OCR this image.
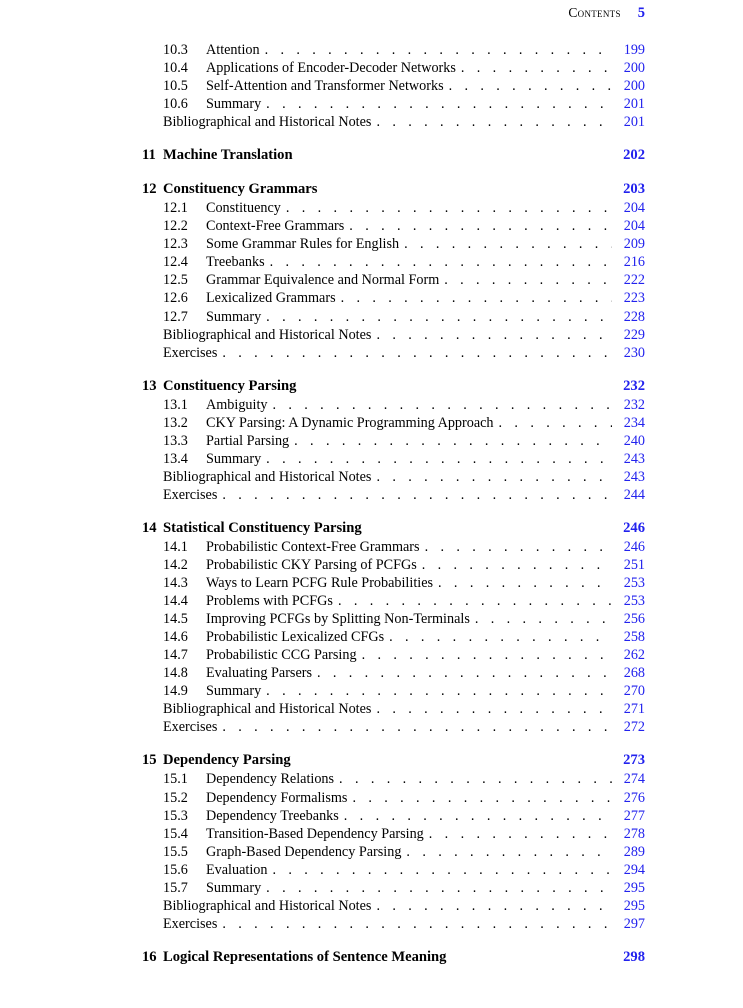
Contents 5
10.3	Attention . . .	199
10.4	Applications of Encoder-Decoder Networks . . .	200
10.5	Self-Attention and Transformer Networks . . .	200
10.6	Summary . . .	201
Bibliographical and Historical Notes . . .	201
11 Machine Translation	202
12 Constituency Grammars	203
12.1	Constituency . . .	204
12.2	Context-Free Grammars . . .	204
12.3	Some Grammar Rules for English . . .	209
12.4	Treebanks . . .	216
12.5	Grammar Equivalence and Normal Form . . .	222
12.6	Lexicalized Grammars . . .	223
12.7	Summary . . .	228
Bibliographical and Historical Notes . . .	229
Exercises . . .	230
13 Constituency Parsing	232
13.1	Ambiguity . . .	232
13.2	CKY Parsing: A Dynamic Programming Approach . . .	234
13.3	Partial Parsing . . .	240
13.4	Summary . . .	243
Bibliographical and Historical Notes . . .	243
Exercises . . .	244
14 Statistical Constituency Parsing	246
14.1	Probabilistic Context-Free Grammars . . .	246
14.2	Probabilistic CKY Parsing of PCFGs . . .	251
14.3	Ways to Learn PCFG Rule Probabilities . . .	253
14.4	Problems with PCFGs . . .	253
14.5	Improving PCFGs by Splitting Non-Terminals . . .	256
14.6	Probabilistic Lexicalized CFGs . . .	258
14.7	Probabilistic CCG Parsing . . .	262
14.8	Evaluating Parsers . . .	268
14.9	Summary . . .	270
Bibliographical and Historical Notes . . .	271
Exercises . . .	272
15 Dependency Parsing	273
15.1	Dependency Relations . . .	274
15.2	Dependency Formalisms . . .	276
15.3	Dependency Treebanks . . .	277
15.4	Transition-Based Dependency Parsing . . .	278
15.5	Graph-Based Dependency Parsing . . .	289
15.6	Evaluation . . .	294
15.7	Summary . . .	295
Bibliographical and Historical Notes . . .	295
Exercises . . .	297
16 Logical Representations of Sentence Meaning	298
